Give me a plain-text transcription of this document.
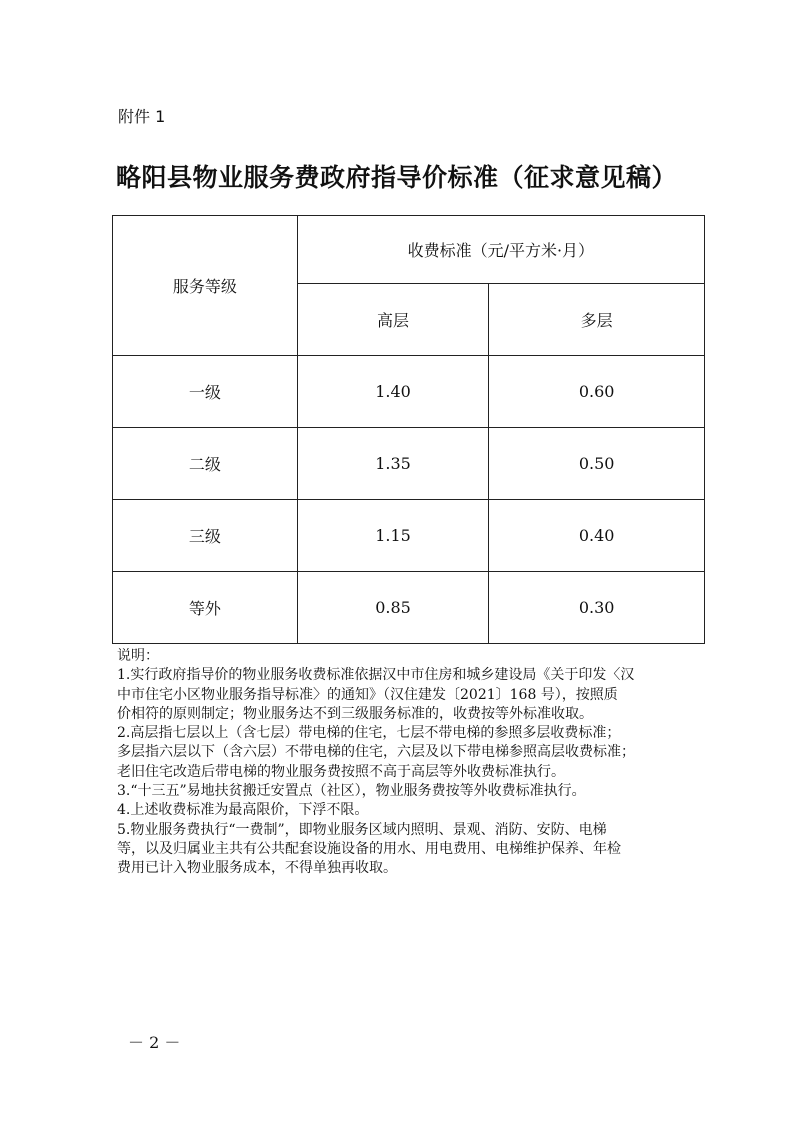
附件 1
略阳县物业服务费政府指导价标准（征求意见稿）
服务等级	收费标准（元/平方米·月）	
	高层	多层
一级	1.40	0.60
二级	1.35	0.50
三级	1.15	0.40
等外	0.85	0.30
说明：
1.实行政府指导价的物业服务收费标准依据汉中市住房和城乡建设局《关于印发〈汉
中市住宅小区物业服务指导标准〉的通知》（汉住建发〔2021〕168 号），按照质
价相符的原则制定；物业服务达不到三级服务标准的，收费按等外标准收取。
2.高层指七层以上（含七层）带电梯的住宅，七层不带电梯的参照多层收费标准；
多层指六层以下（含六层）不带电梯的住宅，六层及以下带电梯参照高层收费标准；
老旧住宅改造后带电梯的物业服务费按照不高于高层等外收费标准执行。
3.“十三五”易地扶贫搬迁安置点（社区），物业服务费按等外收费标准执行。
4.上述收费标准为最高限价，下浮不限。
5.物业服务费执行“一费制”，即物业服务区域内照明、景观、消防、安防、电梯
等，以及归属业主共有公共配套设施设备的用水、用电费用、电梯维护保养、年检
费用已计入物业服务成本，不得单独再收取。
－ 2 －
